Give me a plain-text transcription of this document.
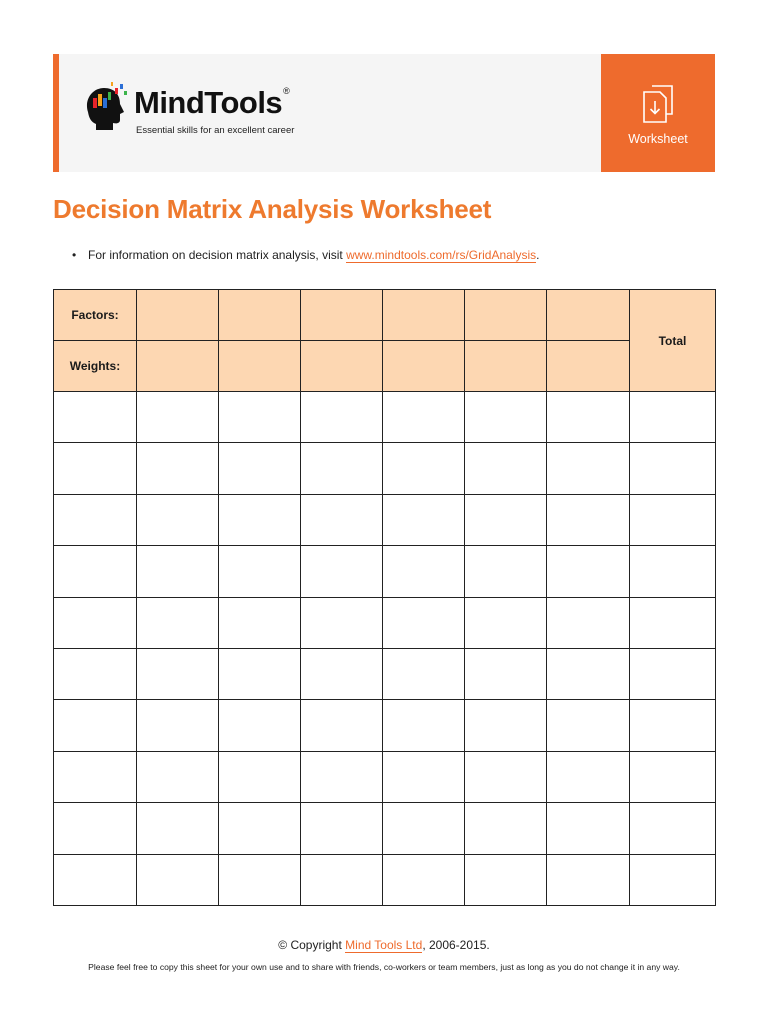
MindTools®
Essential skills for an excellent career
Worksheet
Decision Matrix Analysis Worksheet
• For information on decision matrix analysis, visit www.mindtools.com/rs/GridAnalysis.
Factors:							Total
Weights:							

© Copyright Mind Tools Ltd, 2006-2015.
Please feel free to copy this sheet for your own use and to share with friends, co-workers or team members, just as long as you do not change it in any way.
